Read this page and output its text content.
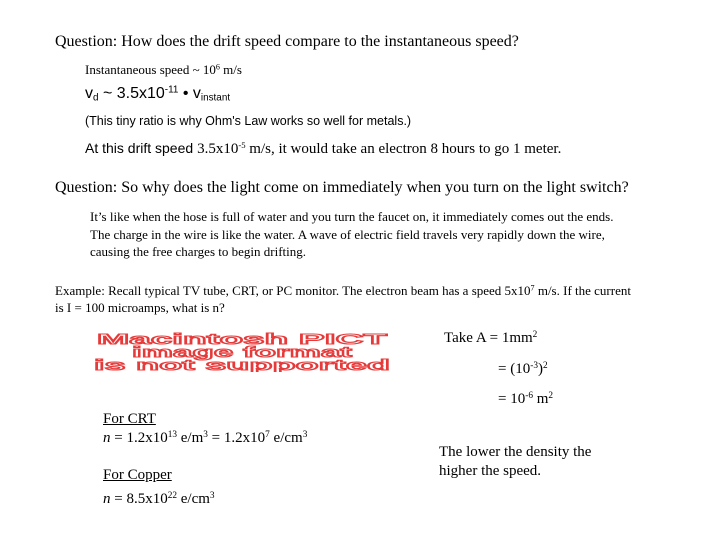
Question: How does the drift speed compare to the instantaneous speed?
Instantaneous speed ~ $10^6$ m/s
$v_d$ ~ $3.5x10^{-11}$ • $v_{instant}$
(This tiny ratio is why Ohm's Law works so well for metals.)
At this drift speed $3.5x10^{-5}$ m/s, it would take an electron 8 hours to go 1 meter.
Question: So why does the light come on immediately when you turn on the light switch?
It’s like when the hose is full of water and you turn the faucet on, it immediately comes out the ends. The charge in the wire is like the water. A wave of electric field travels very rapidly down the wire, causing the free charges to begin drifting.
Example: Recall typical TV tube, CRT, or PC monitor. The electron beam has a speed $5x10^7$ m/s. If the current is I = 100 microamps, what is n?
Macintosh PICT
image format
is not supported
Take $A = 1mm^2$
= $(10^{-3})^2$
= $10^{-6}$ $m^2$
For CRT
$n = 1.2x10^{13}$ $e/m^3 = 1.2x10^7$ $e/cm^3$
For Copper
$n = 8.5x10^{22}$ $e/cm^3$
The lower the density the
higher the speed.
